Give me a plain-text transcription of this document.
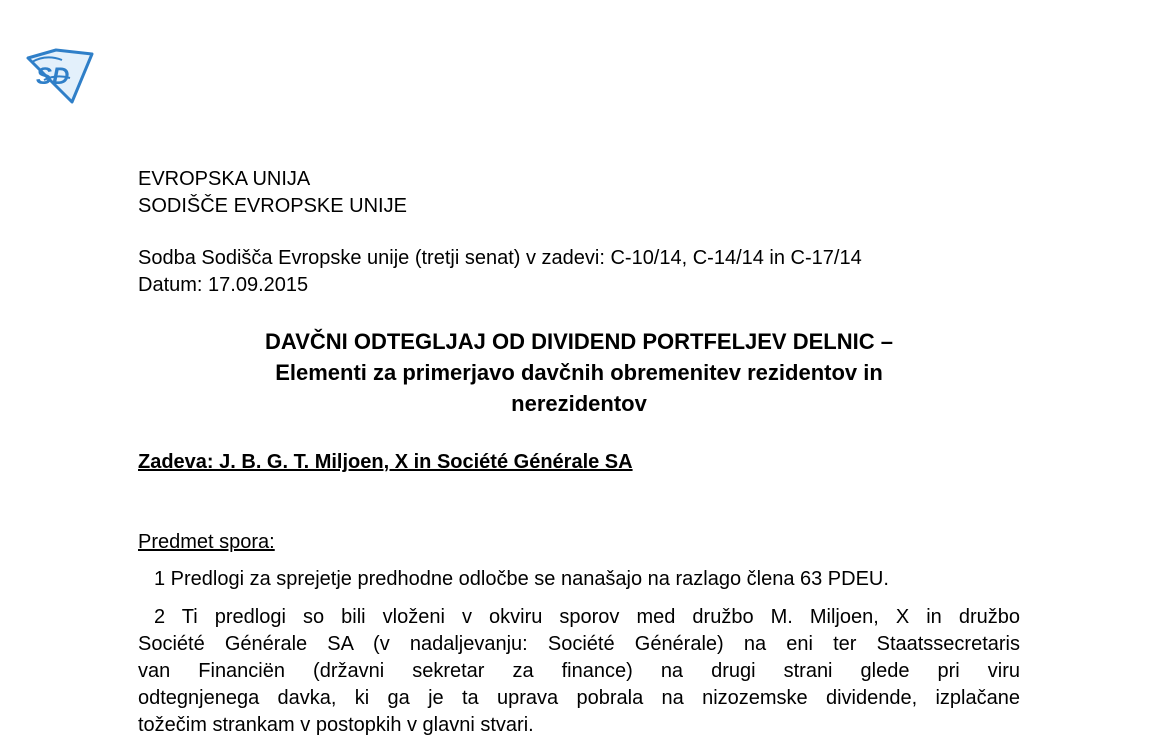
SD
EVROPSKA UNIJA
SODIŠČE EVROPSKE UNIJE
Sodba Sodišča Evropske unije (tretji senat) v zadevi: C-10/14, C-14/14 in C-17/14
Datum: 17.09.2015
DAVČNI ODTEGLJAJ OD DIVIDEND PORTFELJEV DELNIC –
Elementi za primerjavo davčnih obremenitev rezidentov in
nerezidentov
Zadeva: J. B. G. T. Miljoen, X in Société Générale SA
Predmet spora:
1 Predlogi za sprejetje predhodne odločbe se nanašajo na razlago člena 63 PDEU.
2 Ti predlogi so bili vloženi v okviru sporov med družbo M. Miljoen, X in družbo
Société Générale SA (v nadaljevanju: Société Générale) na eni ter Staatssecretaris
van Financiën (državni sekretar za finance) na drugi strani glede pri viru
odtegnjenega davka, ki ga je ta uprava pobrala na nizozemske dividende, izplačane
tožečim strankam v postopkih v glavni stvari.
